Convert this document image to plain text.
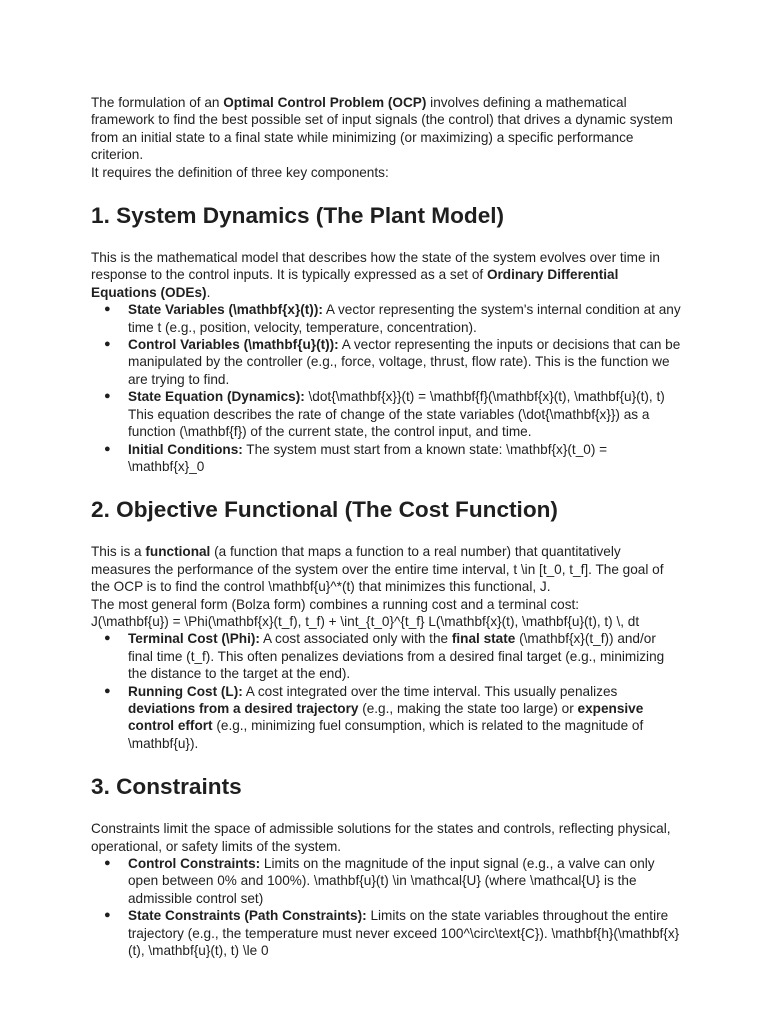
The formulation of an Optimal Control Problem (OCP) involves defining a mathematical framework to find the best possible set of input signals (the control) that drives a dynamic system from an initial state to a final state while minimizing (or maximizing) a specific performance criterion.

It requires the definition of three key components:

1. System Dynamics (The Plant Model)

This is the mathematical model that describes how the state of the system evolves over time in response to the control inputs. It is typically expressed as a set of Ordinary Differential Equations (ODEs).

● State Variables (\mathbf{x}(t)): A vector representing the system's internal condition at any time t (e.g., position, velocity, temperature, concentration).
● Control Variables (\mathbf{u}(t)): A vector representing the inputs or decisions that can be manipulated by the controller (e.g., force, voltage, thrust, flow rate). This is the function we are trying to find.
● State Equation (Dynamics): \dot{\mathbf{x}}(t) = \mathbf{f}(\mathbf{x}(t), \mathbf{u}(t), t) This equation describes the rate of change of the state variables (\dot{\mathbf{x}}) as a function (\mathbf{f}) of the current state, the control input, and time.
● Initial Conditions: The system must start from a known state: \mathbf{x}(t_0) = \mathbf{x}_0
2. Objective Functional (The Cost Function)

This is a functional (a function that maps a function to a real number) that quantitatively measures the performance of the system over the entire time interval, t \in [t_0, t_f]. The goal of the OCP is to find the control \mathbf{u}^*(t) that minimizes this functional, J.

The most general form (Bolza form) combines a running cost and a terminal cost:

J(\mathbf{u}) = \Phi(\mathbf{x}(t_f), t_f) + \int_{t_0}^{t_f} L(\mathbf{x}(t), \mathbf{u}(t), t) \, dt

● Terminal Cost (\Phi): A cost associated only with the final state (\mathbf{x}(t_f)) and/or final time (t_f). This often penalizes deviations from a desired final target (e.g., minimizing the distance to the target at the end).
● Running Cost (L): A cost integrated over the time interval. This usually penalizes deviations from a desired trajectory (e.g., making the state too large) or expensive control effort (e.g., minimizing fuel consumption, which is related to the magnitude of \mathbf{u}).
3. Constraints

Constraints limit the space of admissible solutions for the states and controls, reflecting physical, operational, or safety limits of the system.

● Control Constraints: Limits on the magnitude of the input signal (e.g., a valve can only open between 0% and 100%). \mathbf{u}(t) \in \mathcal{U} (where \mathcal{U} is the admissible control set)
● State Constraints (Path Constraints): Limits on the state variables throughout the entire trajectory (e.g., the temperature must never exceed 100^\circ\text{C}). \mathbf{h}(\mathbf{x}(t), \mathbf{u}(t), t) \le 0
